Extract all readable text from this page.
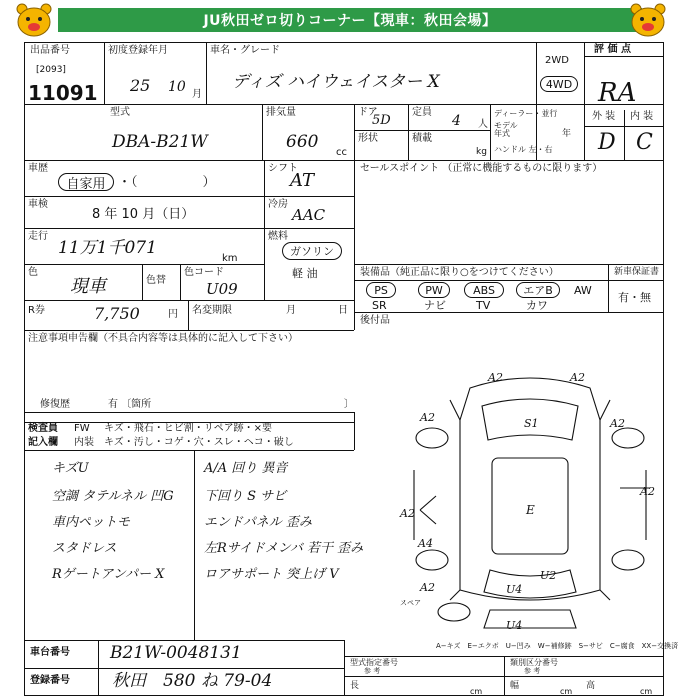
JU秋田ゼロ切りコーナー【現車：秋田会場】
出品番号
[2093]
11091
初度登録年月
25 10 月
車名・グレード
ディズ ハイウェイスター X
2WD
4WD
評 価 点
RA
型式
DBA-B21W
排気量
660
cc
ドア
5D
定員
4 人
形状	積載
kg
ディーラー・並行
モデル年式	年
ハンドル 左・右
外 装 内 装
D C
車歴
自家用 ・（　　　　　）
シフト
AT
車検
8 年 10 月（日）
冷房
AAC
走行
11万1千071
km
燃料
ガソリン
軽 油
色
現車	色替
色コード
U09
R券	7,750	円 名変期限	月	日
セールスポイント （正常に機能するものに限ります）
装備品（純正品に限り○をつけてください）	新車保証書
有・無
PS	PW	ABS	エアB	AW
SR	ナビ	TV	カワ
後付品
注意事項申告欄（不具合内容等は具体的に記入して下さい）
修復歴	有 〔箇所	〕
検査員 FW キズ・飛石・ヒビ割・リペア跡・×要
記入欄 内装 キズ・汚し・コゲ・穴・スレ・ヘコ・破し
キズU
空調 タテルネル 凹G
車内ペットモ
スタドレス
Rゲートアンパー X
A/A 回り 異音
下回り S サビ
エンドパネル 歪み
左Rサイドメンバ 若干 歪み
ロアサポート 突上げ V
A2	A2
A2	A2
A2
A2
S1
E
A4
A2	U4
U2
U4
スペア
A−キズ　E−エクボ　U−凹み　W−補修跡　S−サビ　C−腐食　XX−交換済
車台番号 B21W-0048131
登録番号 秋田　580 ね 79-04
型式指定番号
参 考
類別区分番号
参 考
長
cm
幅
cm
高
cm
